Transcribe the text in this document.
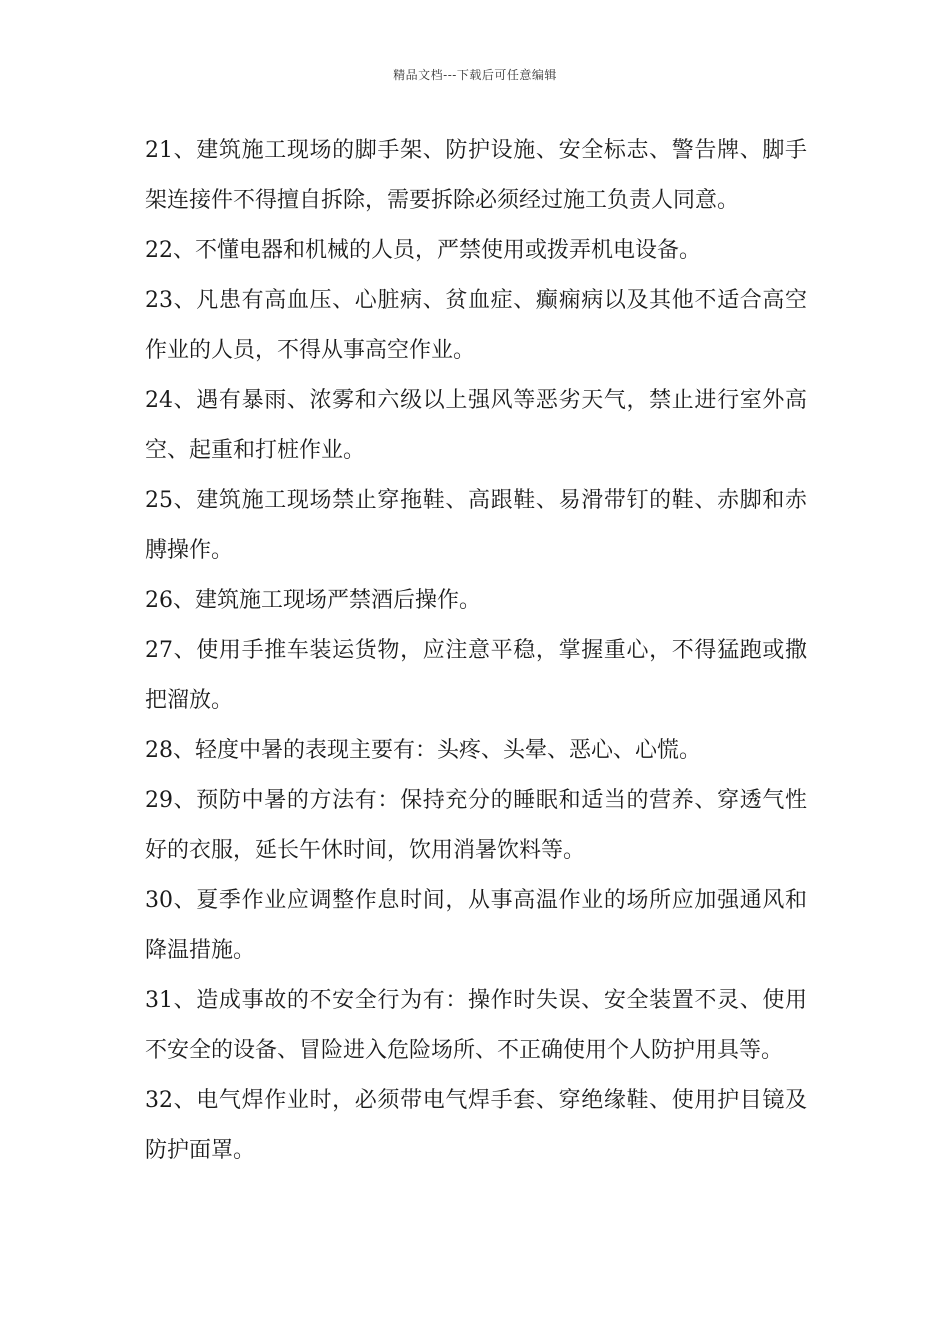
精品文档---下载后可任意编辑

21、建筑施工现场的脚手架、防护设施、安全标志、警告牌、脚手架连接件不得擅自拆除，需要拆除必须经过施工负责人同意。

22、不懂电器和机械的人员，严禁使用或拨弄机电设备。

23、凡患有高血压、心脏病、贫血症、癫痫病以及其他不适合高空作业的人员，不得从事高空作业。

24、遇有暴雨、浓雾和六级以上强风等恶劣天气，禁止进行室外高空、起重和打桩作业。

25、建筑施工现场禁止穿拖鞋、高跟鞋、易滑带钉的鞋、赤脚和赤膊操作。

26、建筑施工现场严禁酒后操作。

27、使用手推车装运货物，应注意平稳，掌握重心，不得猛跑或撒把溜放。

28、轻度中暑的表现主要有：头疼、头晕、恶心、心慌。

29、预防中暑的方法有：保持充分的睡眠和适当的营养、穿透气性好的衣服，延长午休时间，饮用消暑饮料等。

30、夏季作业应调整作息时间，从事高温作业的场所应加强通风和降温措施。

31、造成事故的不安全行为有：操作时失误、安全装置不灵、使用不安全的设备、冒险进入危险场所、不正确使用个人防护用具等。

32、电气焊作业时，必须带电气焊手套、穿绝缘鞋、使用护目镜及防护面罩。
